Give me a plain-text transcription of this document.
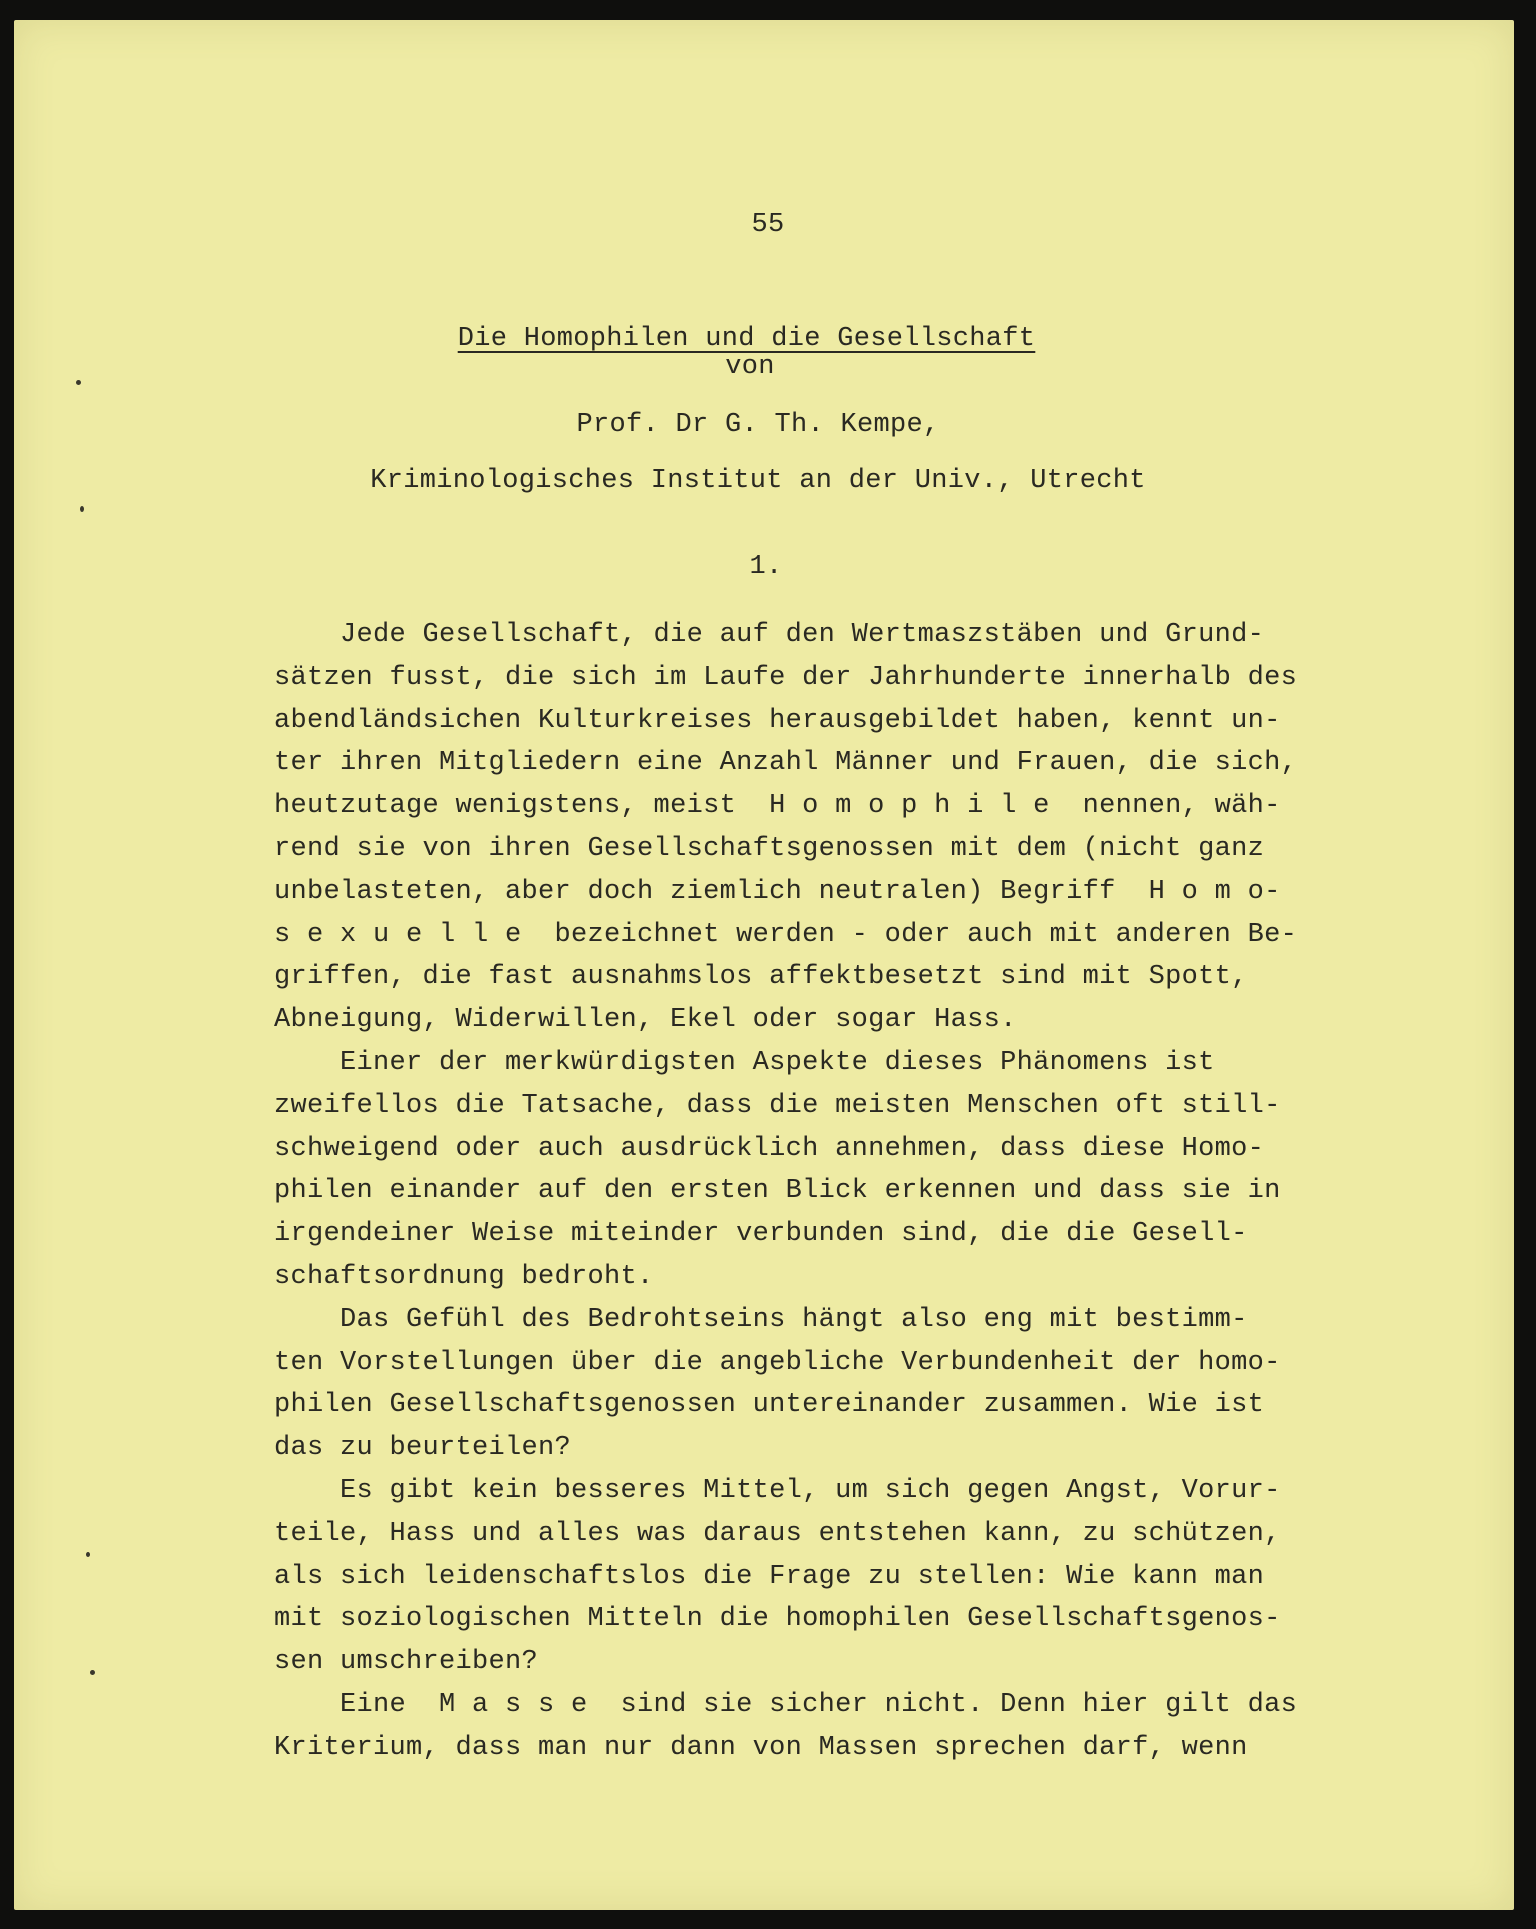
55

Die Homophilen und die Gesellschaft

von
Prof. Dr G. Th. Kempe,
Kriminologisches Institut an der Univ., Utrecht
1.
Jede Gesellschaft, die auf den Wertmaszstäben und Grund-
sätzen fusst, die sich im Laufe der Jahrhunderte innerhalb des
abendländsichen Kulturkreises herausgebildet haben, kennt un-
ter ihren Mitgliedern eine Anzahl Männer und Frauen, die sich,
heutzutage wenigstens, meist  H o m o p h i l e  nennen, wäh-
rend sie von ihren Gesellschaftsgenossen mit dem (nicht ganz
unbelasteten, aber doch ziemlich neutralen) Begriff  H o m o-
s e x u e l l e  bezeichnet werden - oder auch mit anderen Be-
griffen, die fast ausnahmslos affektbesetzt sind mit Spott,
Abneigung, Widerwillen, Ekel oder sogar Hass.
Einer der merkwürdigsten Aspekte dieses Phänomens ist
zweifellos die Tatsache, dass die meisten Menschen oft still-
schweigend oder auch ausdrücklich annehmen, dass diese Homo-
philen einander auf den ersten Blick erkennen und dass sie in
irgendeiner Weise miteinder verbunden sind, die die Gesell-
schaftsordnung bedroht.
Das Gefühl des Bedrohtseins hängt also eng mit bestimm-
ten Vorstellungen über die angebliche Verbundenheit der homo-
philen Gesellschaftsgenossen untereinander zusammen. Wie ist
das zu beurteilen?
Es gibt kein besseres Mittel, um sich gegen Angst, Vorur-
teile, Hass und alles was daraus entstehen kann, zu schützen,
als sich leidenschaftslos die Frage zu stellen: Wie kann man
mit soziologischen Mitteln die homophilen Gesellschaftsgenos-
sen umschreiben?
Eine  M a s s e  sind sie sicher nicht. Denn hier gilt das
Kriterium, dass man nur dann von Massen sprechen darf, wenn
